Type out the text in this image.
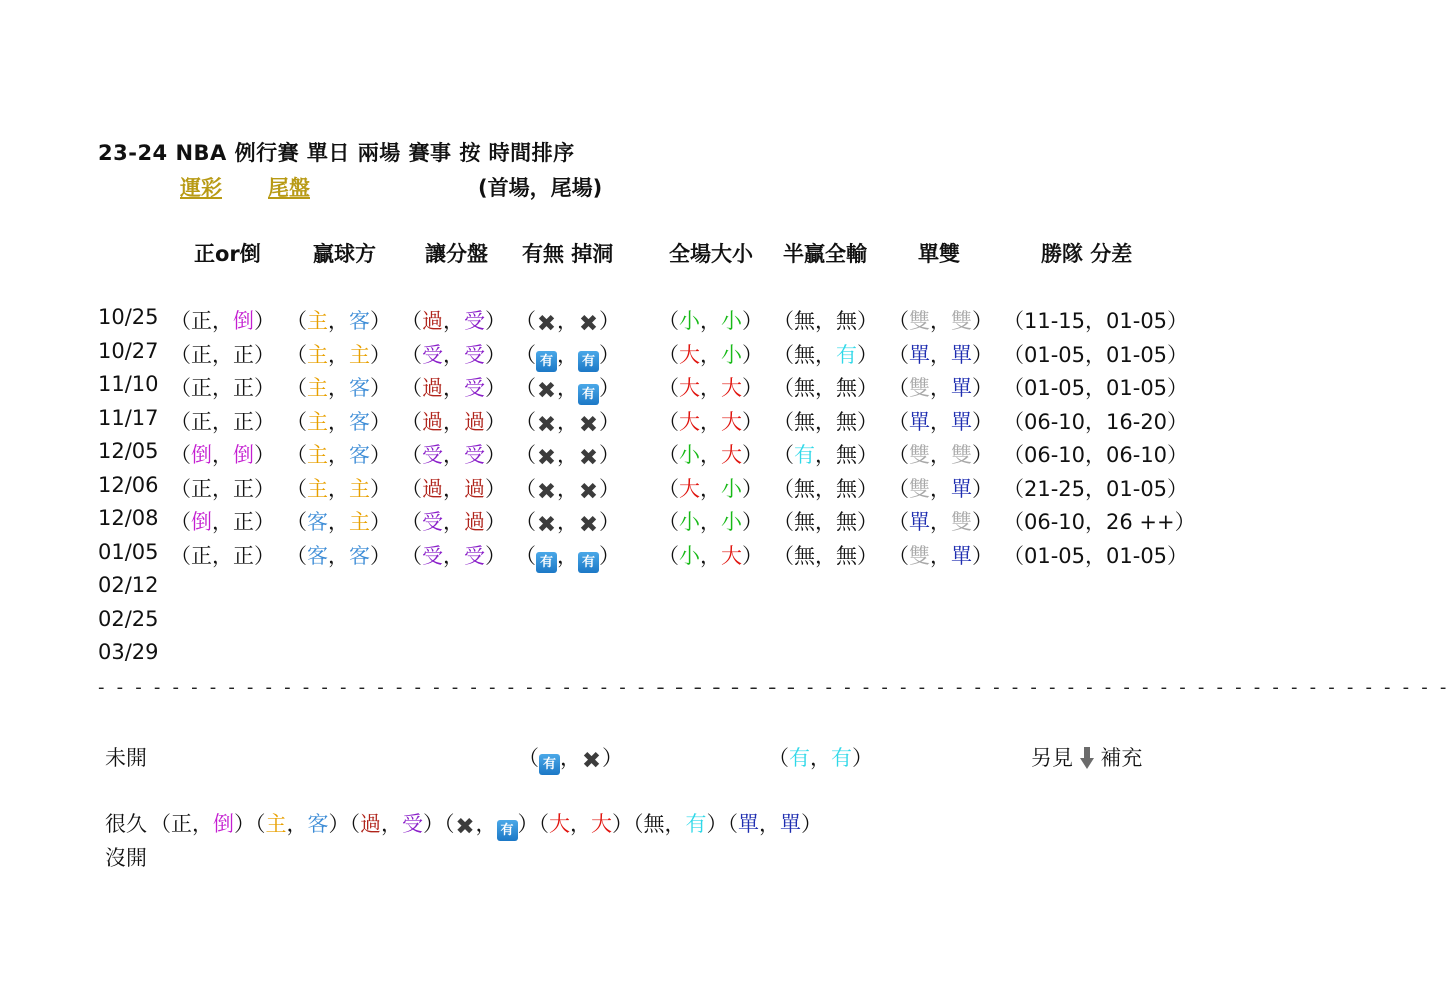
23-24 NBA 例行賽 單日 兩場 賽事 按 時間排序
運彩 尾盤	(首場，尾場)
正or倒 贏球方 讓分盤 有無 掉洞	全場大小 半贏全輸 單雙	勝隊 分差
10/25 （正，倒） （主，客） （過，受） （✖，✖） （小，小） （無，無） （雙，雙） （11-15，01-05）
10/27 （正，正） （主，主） （受，受） （ 有 ， 有 ） （大，小） （無，有） （單，單） （01-05，01-05）
11/10 （正，正） （主，客） （過，受） （✖， 有 ） （大，大） （無，無） （雙，單） （01-05，01-05）
11/17 （正，正） （主，客） （過，過） （✖，✖） （大，大） （無，無） （單，單） （06-10，16-20）
12/05 （倒，倒） （主，客） （受，受） （✖，✖） （小，大） （有，無） （雙，雙） （06-10，06-10）
12/06 （正，正） （主，主） （過，過） （✖，✖） （大，小） （無，無） （雙，單） （21-25，01-05）
12/08 （倒，正） （客，主） （受，過） （✖，✖） （小，小） （無，無） （單，雙） （06-10，26 ++）
01/05 （正，正） （客，客） （受，受） （ 有 ， 有 ） （小，大） （無，無） （雙，單） （01-05，01-05）
02/12
02/25
03/29
- - - - - - - - - - - - - - - - - - - - - - - - - - - - - - - - - - - - - -
- - - - - - - - - - - - - - - - - - - - - - - - - - - - - - - - - - - - - - - - - - -
未開	（ 有 ，✖）	（有，有）	另見 補充
很久
沒開
（正，倒）（主，客）（過，受）（✖， 有 ）（大，大）（無，有）（單，單）
